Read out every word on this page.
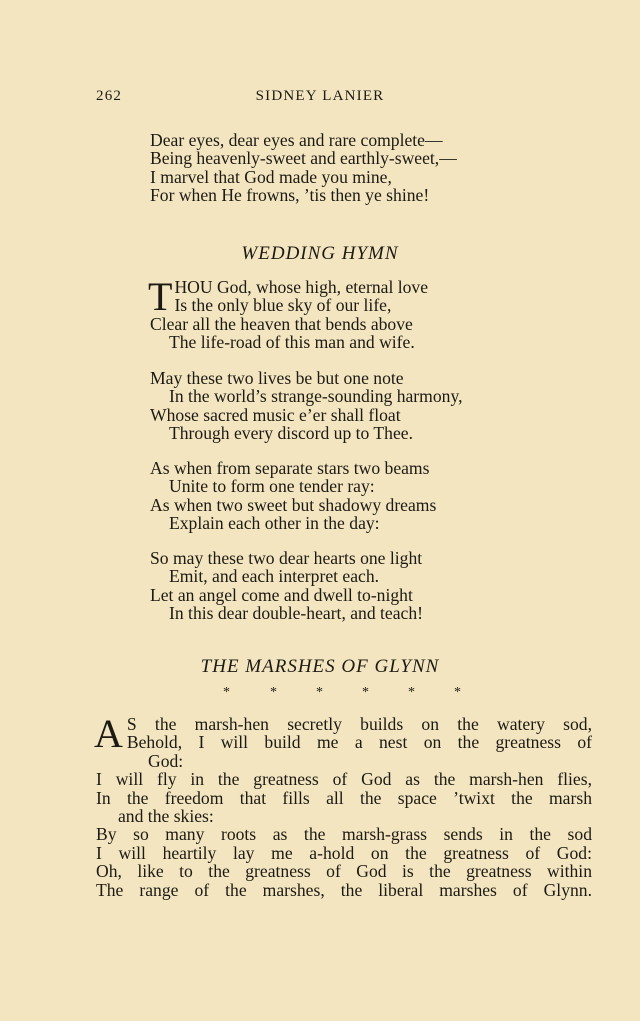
262	SIDNEY LANIER
Dear eyes, dear eyes and rare complete—
Being heavenly-sweet and earthly-sweet,—
I marvel that God made you mine,
For when He frowns, ’tis then ye shine!
WEDDING HYMN
T HOU God, whose high, eternal love
Is the only blue sky of our life,
Clear all the heaven that bends above
The life-road of this man and wife.
May these two lives be but one note
In the world’s strange-sounding harmony,
Whose sacred music e’er shall float
Through every discord up to Thee.
As when from separate stars two beams
Unite to form one tender ray:
As when two sweet but shadowy dreams
Explain each other in the day:
So may these two dear hearts one light
Emit, and each interpret each.
Let an angel come and dwell to-night
In this dear double-heart, and teach!
THE MARSHES OF GLYNN
*	*	*	*	*	*
A S the marsh-hen secretly builds on the watery sod,
Behold, I will build me a nest on the greatness of
God:
I will fly in the greatness of God as the marsh-hen flies,
In the freedom that fills all the space ’twixt the marsh
and the skies:
By so many roots as the marsh-grass sends in the sod
I will heartily lay me a-hold on the greatness of God:
Oh, like to the greatness of God is the greatness within
The range of the marshes, the liberal marshes of Glynn.
